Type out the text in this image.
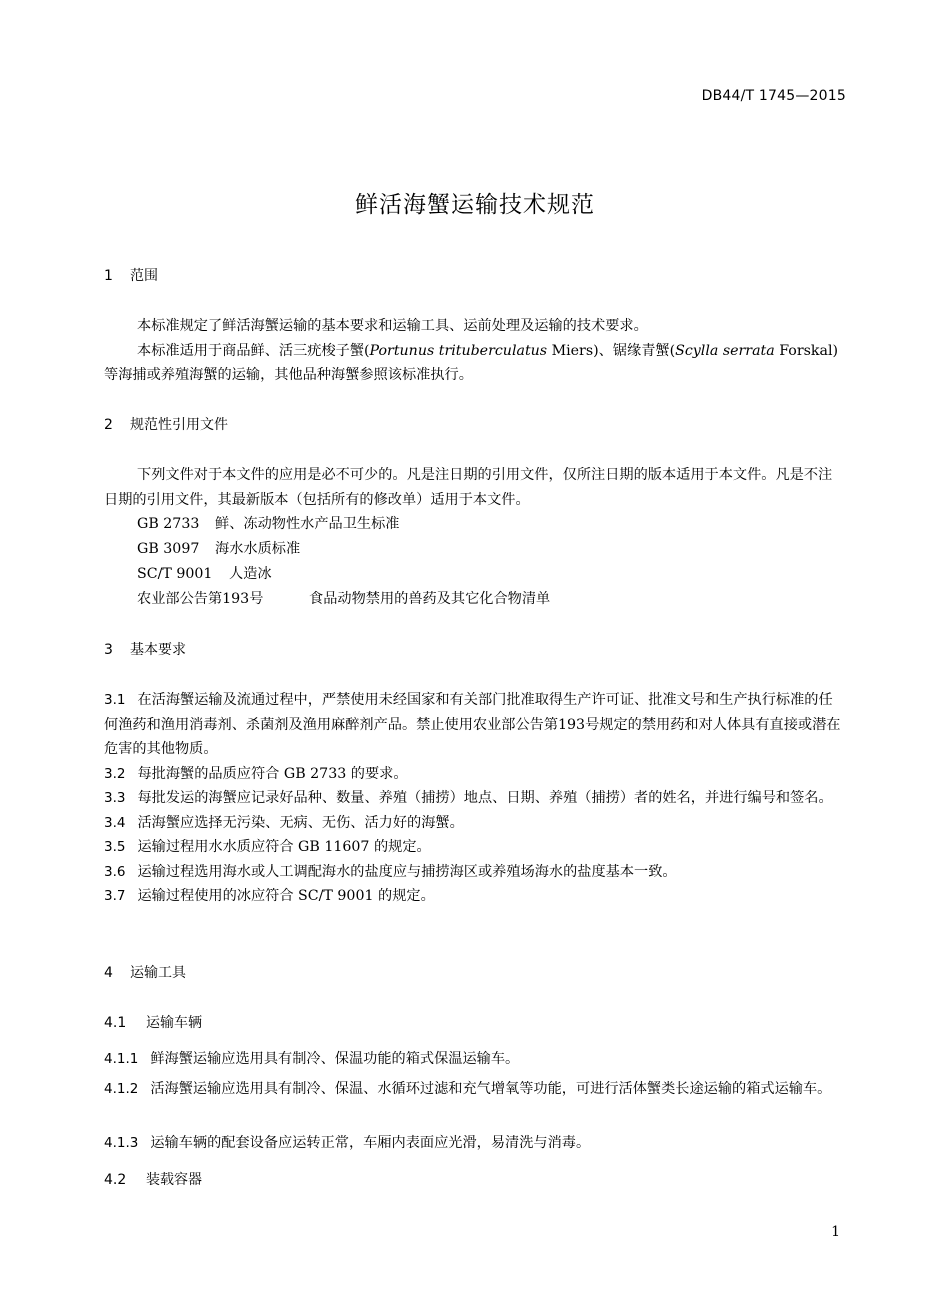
DB44/T 1745—2015
鲜活海蟹运输技术规范
1 范围

本标准规定了鲜活海蟹运输的基本要求和运输工具、运前处理及运输的技术要求。

本标准适用于商品鲜、活三疣梭子蟹(Portunus trituberculatus Miers)、锯缘青蟹(Scylla serrata Forskal)等海捕或养殖海蟹的运输，其他品种海蟹参照该标准执行。

2 规范性引用文件

下列文件对于本文件的应用是必不可少的。凡是注日期的引用文件，仅所注日期的版本适用于本文件。凡是不注日期的引用文件，其最新版本（包括所有的修改单）适用于本文件。

GB 2733 鲜、冻动物性水产品卫生标准
GB 3097 海水水质标准
SC/T 9001 人造冰
农业部公告第193号	食品动物禁用的兽药及其它化合物清单
3 基本要求
3.1 在活海蟹运输及流通过程中，严禁使用未经国家和有关部门批准取得生产许可证、批准文号和生产执行标准的任何渔药和渔用消毒剂、杀菌剂及渔用麻醉剂产品。禁止使用农业部公告第193号规定的禁用药和对人体具有直接或潜在危害的其他物质。
3.2 每批海蟹的品质应符合 GB 2733 的要求。
3.3 每批发运的海蟹应记录好品种、数量、养殖（捕捞）地点、日期、养殖（捕捞）者的姓名，并进行编号和签名。
3.4 活海蟹应选择无污染、无病、无伤、活力好的海蟹。
3.5 运输过程用水水质应符合 GB 11607 的规定。
3.6 运输过程选用海水或人工调配海水的盐度应与捕捞海区或养殖场海水的盐度基本一致。
3.7 运输过程使用的冰应符合 SC/T 9001 的规定。
4 运输工具
4.1 运输车辆
4.1.1 鲜海蟹运输应选用具有制冷、保温功能的箱式保温运输车。
4.1.2 活海蟹运输应选用具有制冷、保温、水循环过滤和充气增氧等功能，可进行活体蟹类长途运输的箱式运输车。
4.1.3 运输车辆的配套设备应运转正常，车厢内表面应光滑，易清洗与消毒。
4.2 装载容器
1
